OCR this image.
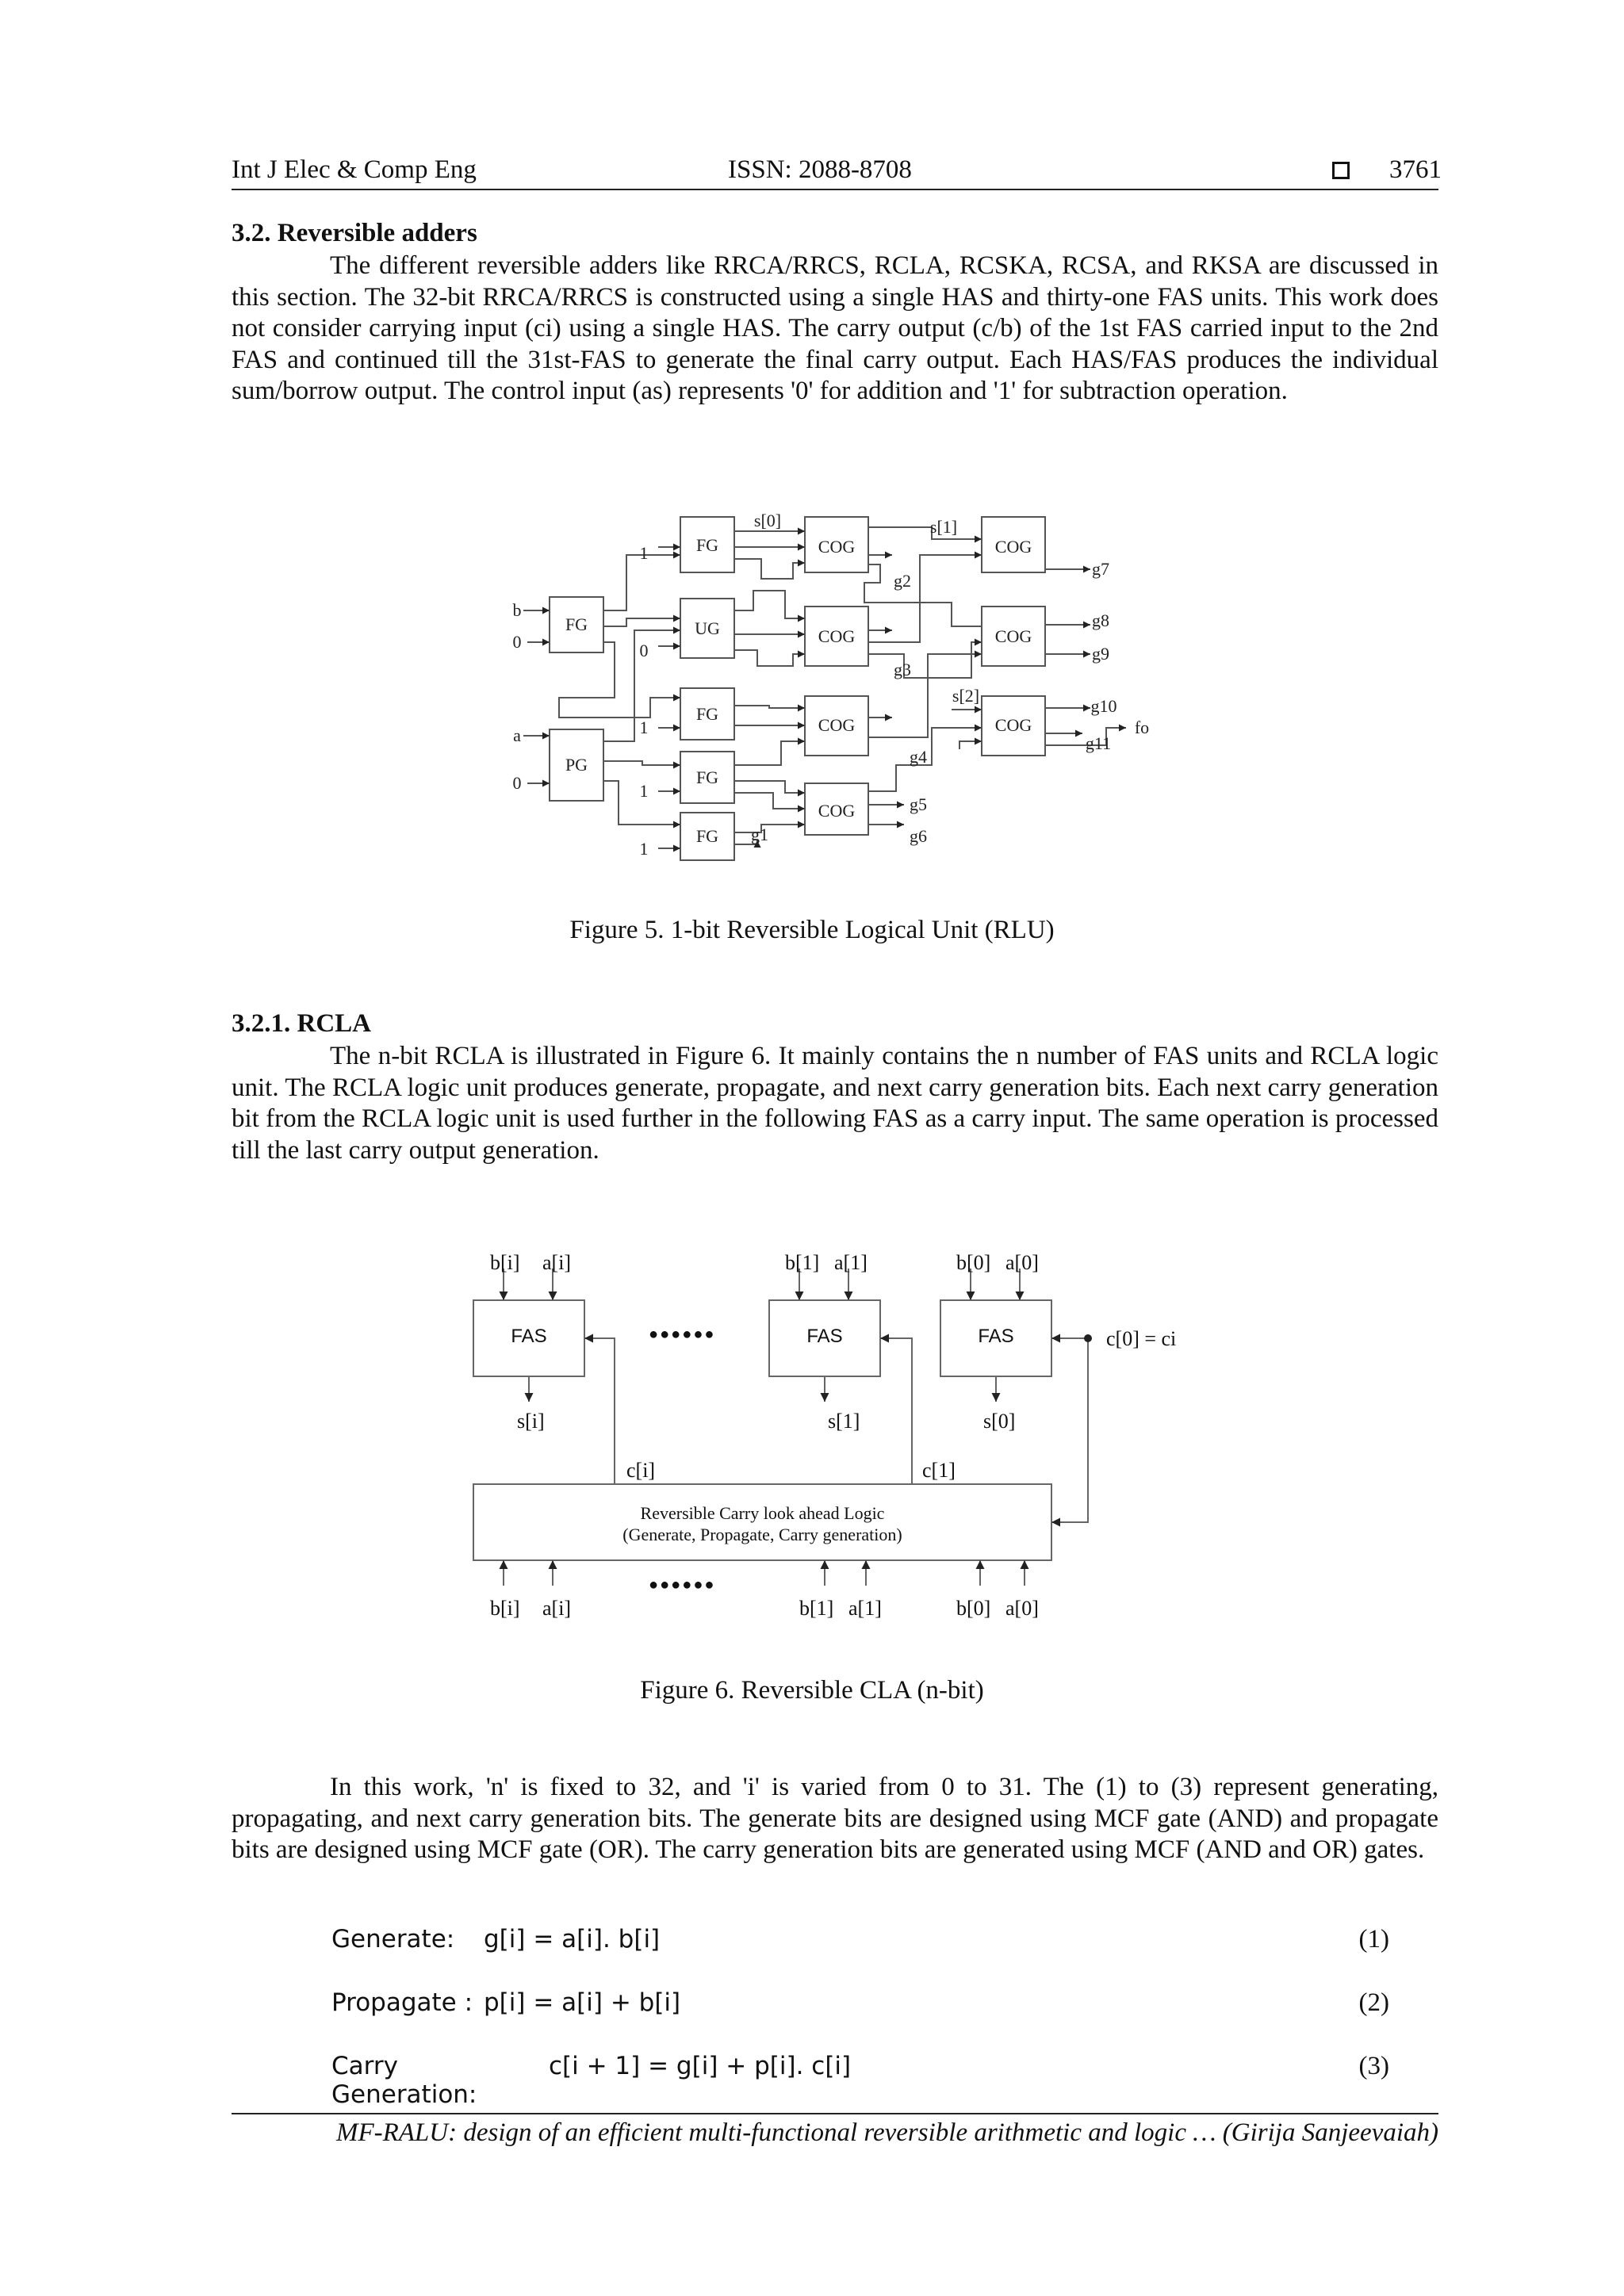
Int J Elec & Comp Eng	ISSN: 2088-8708	3761
3.2. Reversible adders

The different reversible adders like RRCA/RRCS, RCLA, RCSKA, RCSA, and RKSA are discussed in this section. The 32-bit RRCA/RRCS is constructed using a single HAS and thirty-one FAS units. This work does not consider carrying input (ci) using a single HAS. The carry output (c/b) of the 1st FAS carried input to the 2nd FAS and continued till the 31st-FAS to generate the final carry output. Each HAS/FAS produces the individual sum/borrow output. The control input (as) represents '0' for addition and '1' for subtraction operation.

FG
PG
FG
UG
FG
FG
FG
COG
COG
COG
COG
COG
COG
COG
b
0
a
0
1
0
1
1
1
s[0]	s[1]
s[2]
g1
g2
g3
g4
g5
g6
g7
g8
g9
g10
g11
fo
Figure 5. 1-bit Reversible Logical Unit (RLU)
3.2.1. RCLA

The n-bit RCLA is illustrated in Figure 6. It mainly contains the n number of FAS units and RCLA logic unit. The RCLA logic unit produces generate, propagate, and next carry generation bits. Each next carry generation bit from the RCLA logic unit is used further in the following FAS as a carry input. The same operation is processed till the last carry output generation.

b[i] a[i]	b[1] a[1]	b[0] a[0]
FAS	FAS	FAS
●●●●●●	c[0] = ci
s[i]	s[1]	s[0]
c[i]	c[1]
Reversible Carry look ahead Logic
(Generate, Propagate, Carry generation)
●●●●●●
b[i] a[i]	b[1] a[1]	b[0] a[0]
Figure 6. Reversible CLA (n-bit)

In this work, 'n' is fixed to 32, and 'i' is varied from 0 to 31. The (1) to (3) represent generating, propagating, and next carry generation bits. The generate bits are designed using MCF gate (AND) and propagate bits are designed using MCF gate (OR). The carry generation bits are generated using MCF (AND and OR) gates.

Generate:	g[i] = a[i]. b[i]	(1)
Propagate : p[i] = a[i] + b[i]	(2)
Carry Generation:
c[i + 1] = g[i] + p[i]. c[i]	(3)
MF-RALU: design of an efficient multi-functional reversible arithmetic and logic … (Girija Sanjeevaiah)
